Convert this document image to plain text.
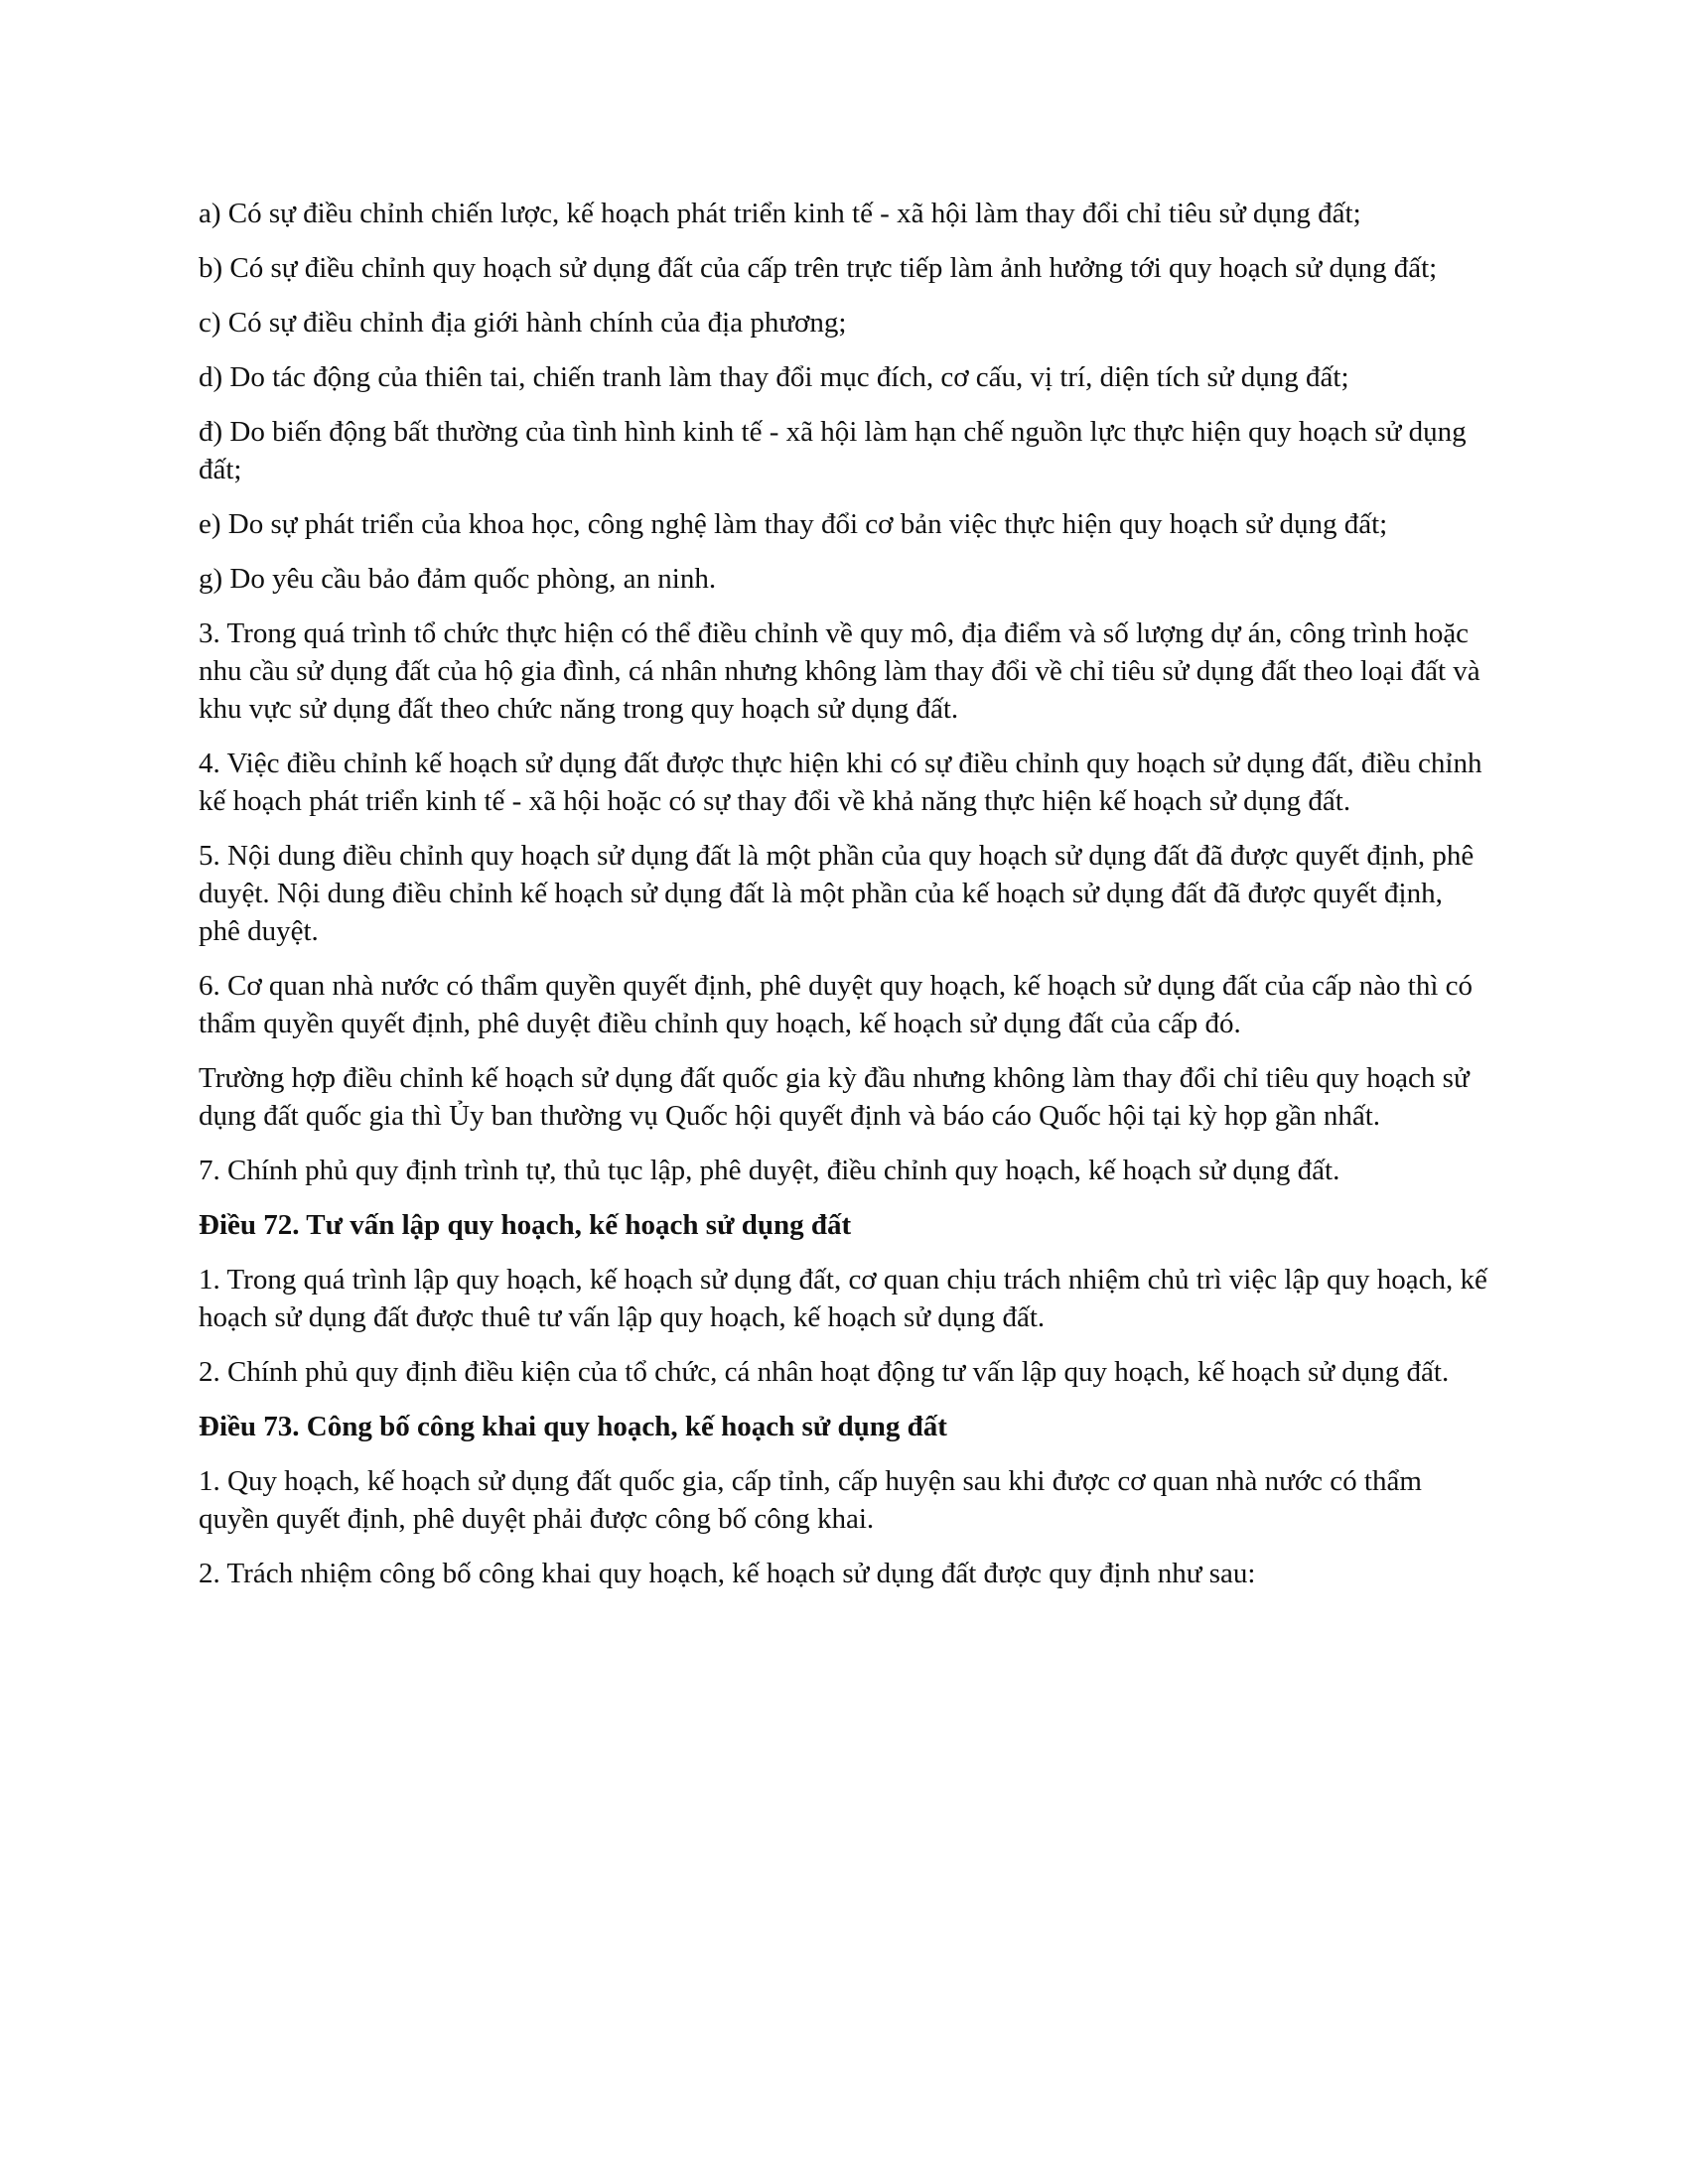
a) Có sự điều chỉnh chiến lược, kế hoạch phát triển kinh tế - xã hội làm thay đổi chỉ tiêu sử dụng đất;

b) Có sự điều chỉnh quy hoạch sử dụng đất của cấp trên trực tiếp làm ảnh hưởng tới quy hoạch sử dụng đất;

c) Có sự điều chỉnh địa giới hành chính của địa phương;

d) Do tác động của thiên tai, chiến tranh làm thay đổi mục đích, cơ cấu, vị trí, diện tích sử dụng đất;

đ) Do biến động bất thường của tình hình kinh tế - xã hội làm hạn chế nguồn lực thực hiện quy hoạch sử dụng đất;

e) Do sự phát triển của khoa học, công nghệ làm thay đổi cơ bản việc thực hiện quy hoạch sử dụng đất;

g) Do yêu cầu bảo đảm quốc phòng, an ninh.

3. Trong quá trình tổ chức thực hiện có thể điều chỉnh về quy mô, địa điểm và số lượng dự án, công trình hoặc nhu cầu sử dụng đất của hộ gia đình, cá nhân nhưng không làm thay đổi về chỉ tiêu sử dụng đất theo loại đất và khu vực sử dụng đất theo chức năng trong quy hoạch sử dụng đất.

4. Việc điều chỉnh kế hoạch sử dụng đất được thực hiện khi có sự điều chỉnh quy hoạch sử dụng đất, điều chỉnh kế hoạch phát triển kinh tế - xã hội hoặc có sự thay đổi về khả năng thực hiện kế hoạch sử dụng đất.

5. Nội dung điều chỉnh quy hoạch sử dụng đất là một phần của quy hoạch sử dụng đất đã được quyết định, phê duyệt. Nội dung điều chỉnh kế hoạch sử dụng đất là một phần của kế hoạch sử dụng đất đã được quyết định, phê duyệt.

6. Cơ quan nhà nước có thẩm quyền quyết định, phê duyệt quy hoạch, kế hoạch sử dụng đất của cấp nào thì có thẩm quyền quyết định, phê duyệt điều chỉnh quy hoạch, kế hoạch sử dụng đất của cấp đó.

Trường hợp điều chỉnh kế hoạch sử dụng đất quốc gia kỳ đầu nhưng không làm thay đổi chỉ tiêu quy hoạch sử dụng đất quốc gia thì Ủy ban thường vụ Quốc hội quyết định và báo cáo Quốc hội tại kỳ họp gần nhất.

7. Chính phủ quy định trình tự, thủ tục lập, phê duyệt, điều chỉnh quy hoạch, kế hoạch sử dụng đất.

Điều 72. Tư vấn lập quy hoạch, kế hoạch sử dụng đất

1. Trong quá trình lập quy hoạch, kế hoạch sử dụng đất, cơ quan chịu trách nhiệm chủ trì việc lập quy hoạch, kế hoạch sử dụng đất được thuê tư vấn lập quy hoạch, kế hoạch sử dụng đất.

2. Chính phủ quy định điều kiện của tổ chức, cá nhân hoạt động tư vấn lập quy hoạch, kế hoạch sử dụng đất.

Điều 73. Công bố công khai quy hoạch, kế hoạch sử dụng đất

1. Quy hoạch, kế hoạch sử dụng đất quốc gia, cấp tỉnh, cấp huyện sau khi được cơ quan nhà nước có thẩm quyền quyết định, phê duyệt phải được công bố công khai.

2. Trách nhiệm công bố công khai quy hoạch, kế hoạch sử dụng đất được quy định như sau:
